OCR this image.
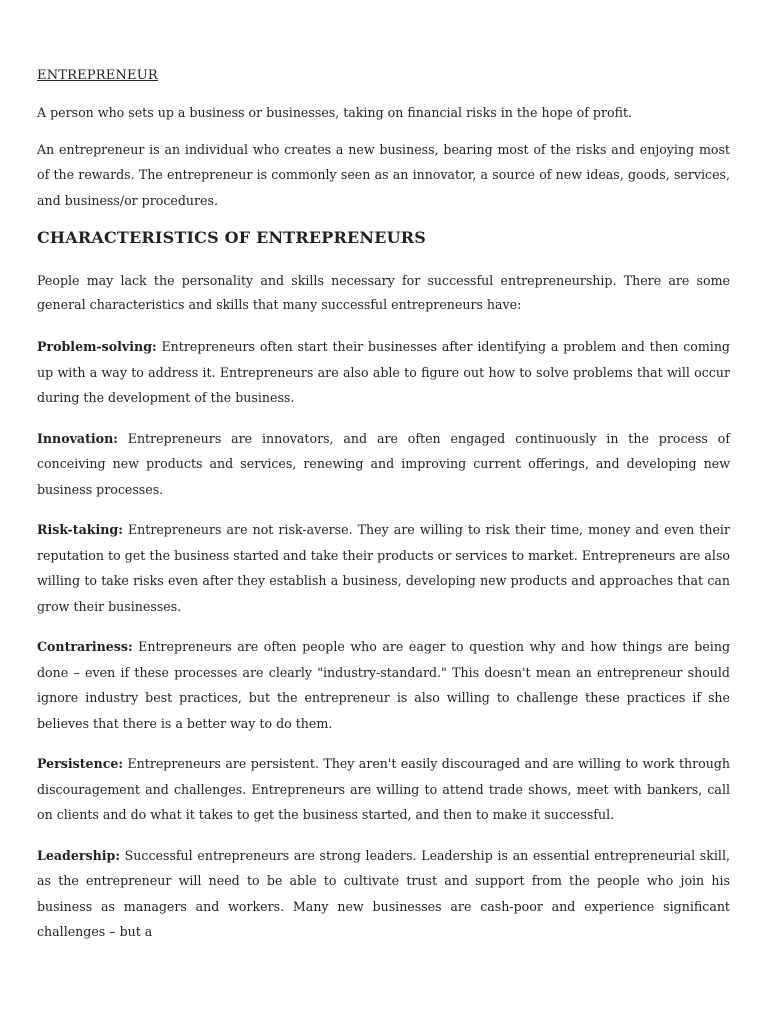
ENTREPRENEUR

A person who sets up a business or businesses, taking on financial risks in the hope of profit.

An entrepreneur is an individual who creates a new business, bearing most of the risks and enjoying most of the rewards. The entrepreneur is commonly seen as an innovator, a source of new ideas, goods, services, and business/or procedures.

CHARACTERISTICS OF ENTREPRENEURS

People may lack the personality and skills necessary for successful entrepreneurship. There are some general characteristics and skills that many successful entrepreneurs have:

Problem-solving: Entrepreneurs often start their businesses after identifying a problem and then coming up with a way to address it. Entrepreneurs are also able to figure out how to solve problems that will occur during the development of the business.

Innovation: Entrepreneurs are innovators, and are often engaged continuously in the process of conceiving new products and services, renewing and improving current offerings, and developing new business processes.

Risk-taking: Entrepreneurs are not risk-averse. They are willing to risk their time, money and even their reputation to get the business started and take their products or services to market. Entrepreneurs are also willing to take risks even after they establish a business, developing new products and approaches that can grow their businesses.

Contrariness: Entrepreneurs are often people who are eager to question why and how things are being done – even if these processes are clearly "industry-standard." This doesn't mean an entrepreneur should ignore industry best practices, but the entrepreneur is also willing to challenge these practices if she believes that there is a better way to do them.

Persistence: Entrepreneurs are persistent. They aren't easily discouraged and are willing to work through discouragement and challenges. Entrepreneurs are willing to attend trade shows, meet with bankers, call on clients and do what it takes to get the business started, and then to make it successful.

Leadership: Successful entrepreneurs are strong leaders. Leadership is an essential entrepreneurial skill, as the entrepreneur will need to be able to cultivate trust and support from the people who join his business as managers and workers. Many new businesses are cash-poor and experience significant challenges – but a
